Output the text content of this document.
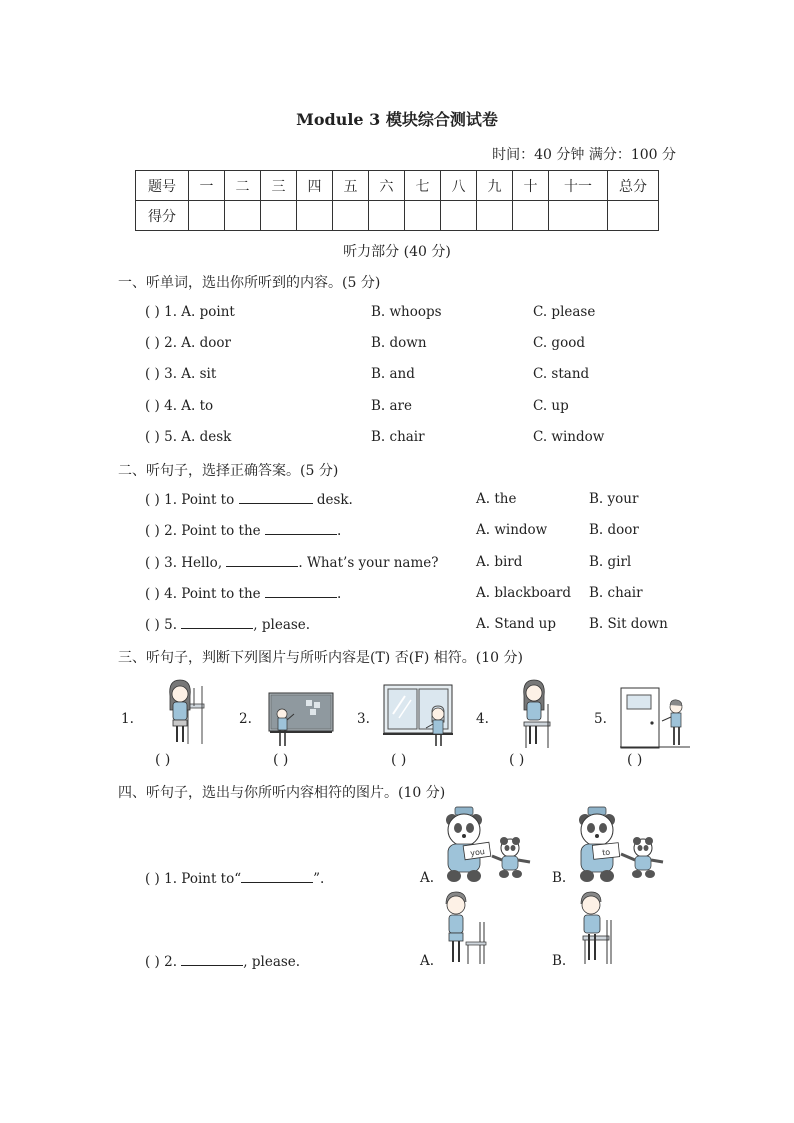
Module 3 模块综合测试卷
时间：40 分钟 满分：100 分
题号	一	二	三	四	五	六	七	八	九	十	十一	总分
得分												
听力部分 (40 分)
一、听单词，选出你所听到的内容。(5 分)
( ) 1. A. point	B. whoops	C. please
( ) 2. A. door	B. down	C. good
( ) 3. A. sit	B. and	C. stand
( ) 4. A. to	B. are	C. up
( ) 5. A. desk	B. chair	C. window
二、听句子，选择正确答案。(5 分)
( ) 1. Point to	desk.	A. the	B. your
( ) 2. Point to the	.	A. window	B. door
( ) 3. Hello,	. What’s your name?	A. bird	B. girl
( ) 4. Point to the	.	A. blackboard B. chair
( ) 5.	, please.	A. Stand up B. Sit down
三、听句子，判断下列图片与所听内容是(T) 否(F) 相符。(10 分)
1.	2.	3.	4.	5.
( )	( )	( )	( )	( )
四、听句子，选出与你所听内容相符的图片。(10 分)
( ) 1. Point to“	”.	A.	B.
you	to
( ) 2.	, please.	A.	B.
